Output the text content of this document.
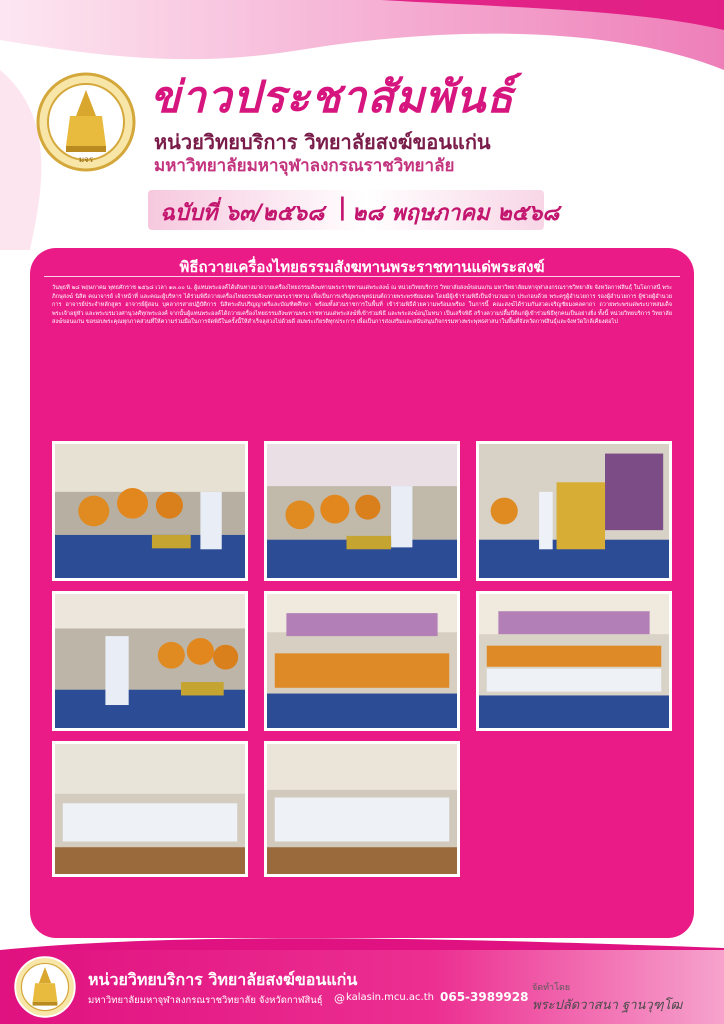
มจร
ข่าวประชาสัมพันธ์
หน่วยวิทยบริการ วิทยาลัยสงฆ์ขอนแก่น
มหาวิทยาลัยมหาจุฬาลงกรณราชวิทยาลัย
ฉบับที่ ๖๓/๒๕๖๘ | ๒๘ พฤษภาคม ๒๕๖๘
พิธีถวายเครื่องไทยธรรมสังฆทานพระราชทานแด่พระสงฆ์
วันพุธที่ ๒๘ พฤษภาคม พุทธศักราช ๒๕๖๘ เวลา ๑๓.๐๐ น. ผู้แทนพระองค์ได้เดินทางมาถวายเครื่องไทยธรรมสังฆทานพระราชทานแด่พระสงฆ์ ณ หน่วยวิทยบริการ วิทยาลัยสงฆ์ขอนแก่น มหาวิทยาลัยมหาจุฬาลงกรณราชวิทยาลัย จังหวัดกาฬสินธุ์ ในโอกาสนี้ พระภิกษุสงฆ์ นิสิต คณาจารย์ เจ้าหน้าที่ และคณะผู้บริหาร ได้ร่วมพิธีถวายเครื่องไทยธรรมสังฆทานพระราชทาน เพื่อเป็นการเจริญพระพุทธมนต์ถวายพระพรชัยมงคล โดยมีผู้เข้าร่วมพิธีเป็นจำนวนมาก ประกอบด้วย พระครูผู้อำนวยการ รองผู้อำนวยการ ผู้ช่วยผู้อำนวยการ อาจารย์ประจำหลักสูตร อาจารย์ผู้สอน บุคลากรสายปฏิบัติการ นิสิตระดับปริญญาตรีและบัณฑิตศึกษา พร้อมทั้งส่วนราชการในพื้นที่ เข้าร่วมพิธีด้วยความพร้อมเพรียง ในการนี้ คณะสงฆ์ได้ร่วมกันสวดเจริญชัยมงคลคาถา ถวายพระพรแด่พระบาทสมเด็จพระเจ้าอยู่หัว และพระบรมวงศานุวงศ์ทุกพระองค์ จากนั้นผู้แทนพระองค์ได้ถวายเครื่องไทยธรรมสังฆทานพระราชทานแด่พระสงฆ์ที่เข้าร่วมพิธี และพระสงฆ์อนุโมทนา เป็นเสร็จพิธี สร้างความปลื้มปีติแก่ผู้เข้าร่วมพิธีทุกคนเป็นอย่างยิ่ง ทั้งนี้ หน่วยวิทยบริการ วิทยาลัยสงฆ์ขอนแก่น ขอขอบพระคุณทุกภาคส่วนที่ให้ความร่วมมือในการจัดพิธีในครั้งนี้ให้สำเร็จลุล่วงไปด้วยดี สมพระเกียรติทุกประการ เพื่อเป็นการส่งเสริมและสนับสนุนกิจกรรมทางพระพุทธศาสนาในพื้นที่จังหวัดกาฬสินธุ์และจังหวัดใกล้เคียงต่อไป
หน่วยวิทยบริการ วิทยาลัยสงฆ์ขอนแก่น
มหาวิทยาลัยมหาจุฬาลงกรณราชวิทยาลัย จังหวัดกาฬสินธุ์ @ kalasin.mcu.ac.th 065-3989928
จัดทำโดย
พระปลัดวาสนา ฐานวุฑฺโฒ
